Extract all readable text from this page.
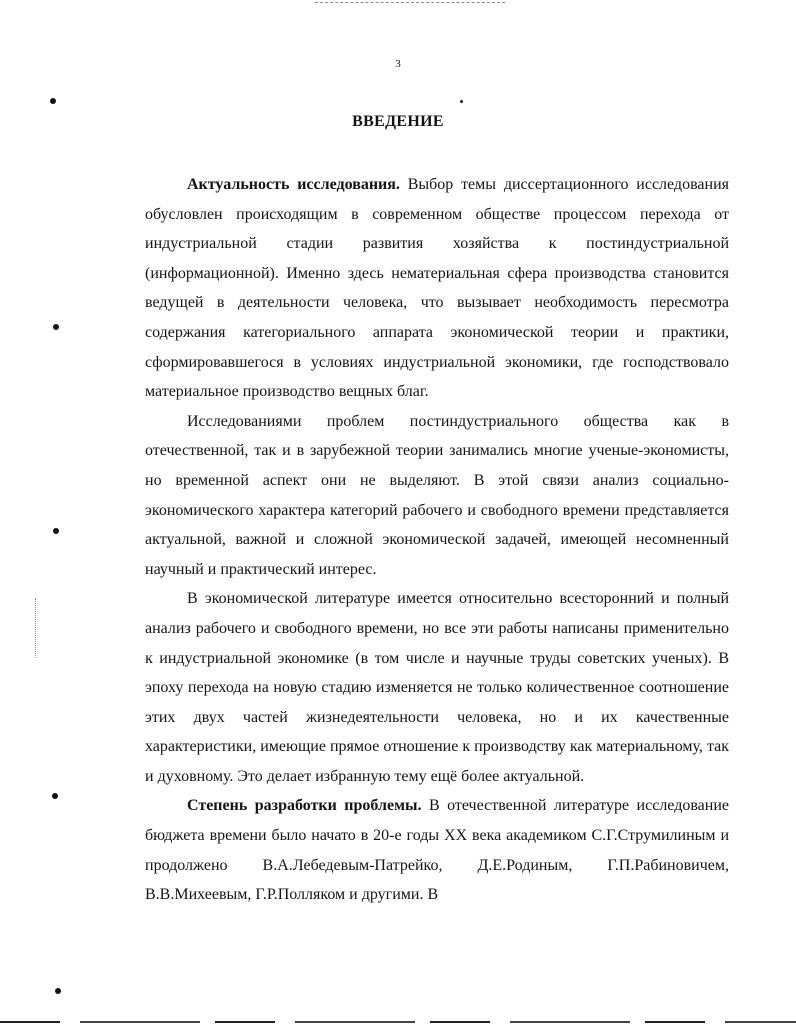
3
ВВЕДЕНИЕ

Актуальность исследования. Выбор темы диссертационного исследования обусловлен происходящим в современном обществе процессом перехода от индустриальной стадии развития хозяйства к постиндустриальной (информационной). Именно здесь нематериальная сфера производства становится ведущей в деятельности человека, что вызывает необходимость пересмотра содержания категориального аппарата экономической теории и практики, сформировавшегося в условиях индустриальной экономики, где господствовало материальное производство вещных благ.

Исследованиями проблем постиндустриального общества как в отечественной, так и в зарубежной теории занимались многие ученые-экономисты, но временной аспект они не выделяют. В этой связи анализ социально-экономического характера категорий рабочего и свободного времени представляется актуальной, важной и сложной экономической задачей, имеющей несомненный научный и практический интерес.

В экономической литературе имеется относительно всесторонний и полный анализ рабочего и свободного времени, но все эти работы написаны применительно к индустриальной экономике (в том числе и научные труды советских ученых). В эпоху перехода на новую стадию изменяется не только количественное соотношение этих двух частей жизнедеятельности человека, но и их качественные характеристики, имеющие прямое отношение к производству как материальному, так и духовному. Это делает избранную тему ещё более актуальной.

Степень разработки проблемы. В отечественной литературе исследование бюджета времени было начато в 20-е годы XX века академиком С.Г.Струмилиным и продолжено В.А.Лебедевым-Патрейко, Д.Е.Родиным, Г.П.Рабиновичем, В.В.Михеевым, Г.Р.Полляком и другими. В
